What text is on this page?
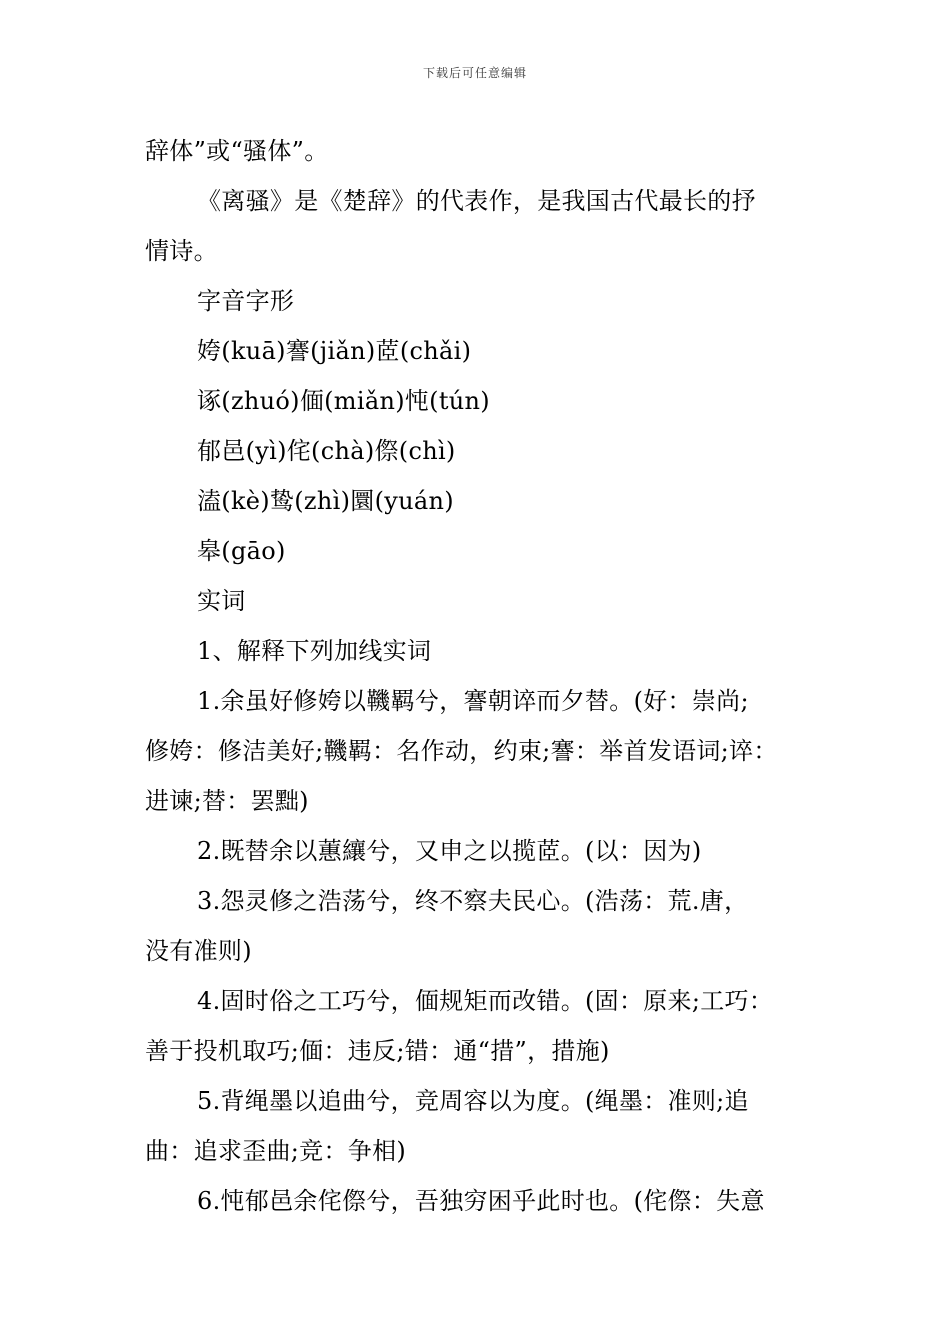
下载后可任意编辑
辞体”或“骚体”。
《离骚》是《楚辞》的代表作，是我国古代最长的抒
情诗。
字音字形
姱(kuā)謇(jiǎn)茝(chǎi)
诼(zhuó)偭(miǎn)忳(tún)
郁邑(yì)侘(chà)傺(chì)
溘(kè)鸷(zhì)圜(yuán)
皋(gāo)
实词
1、解释下列加线实词
1.余虽好修姱以鞿羁兮，謇朝谇而夕替。(好：崇尚;
修姱：修洁美好;鞿羁：名作动，约束;謇：举首发语词;谇：
进谏;替：罢黜)
2.既替余以蕙纕兮，又申之以揽茝。(以：因为)
3.怨灵修之浩荡兮，终不察夫民心。(浩荡：荒.唐，
没有准则)
4.固时俗之工巧兮，偭规矩而改错。(固：原来;工巧：
善于投机取巧;偭：违反;错：通“措”，措施)
5.背绳墨以追曲兮，竞周容以为度。(绳墨：准则;追
曲：追求歪曲;竞：争相)
6.忳郁邑余侘傺兮，吾独穷困乎此时也。(侘傺：失意
